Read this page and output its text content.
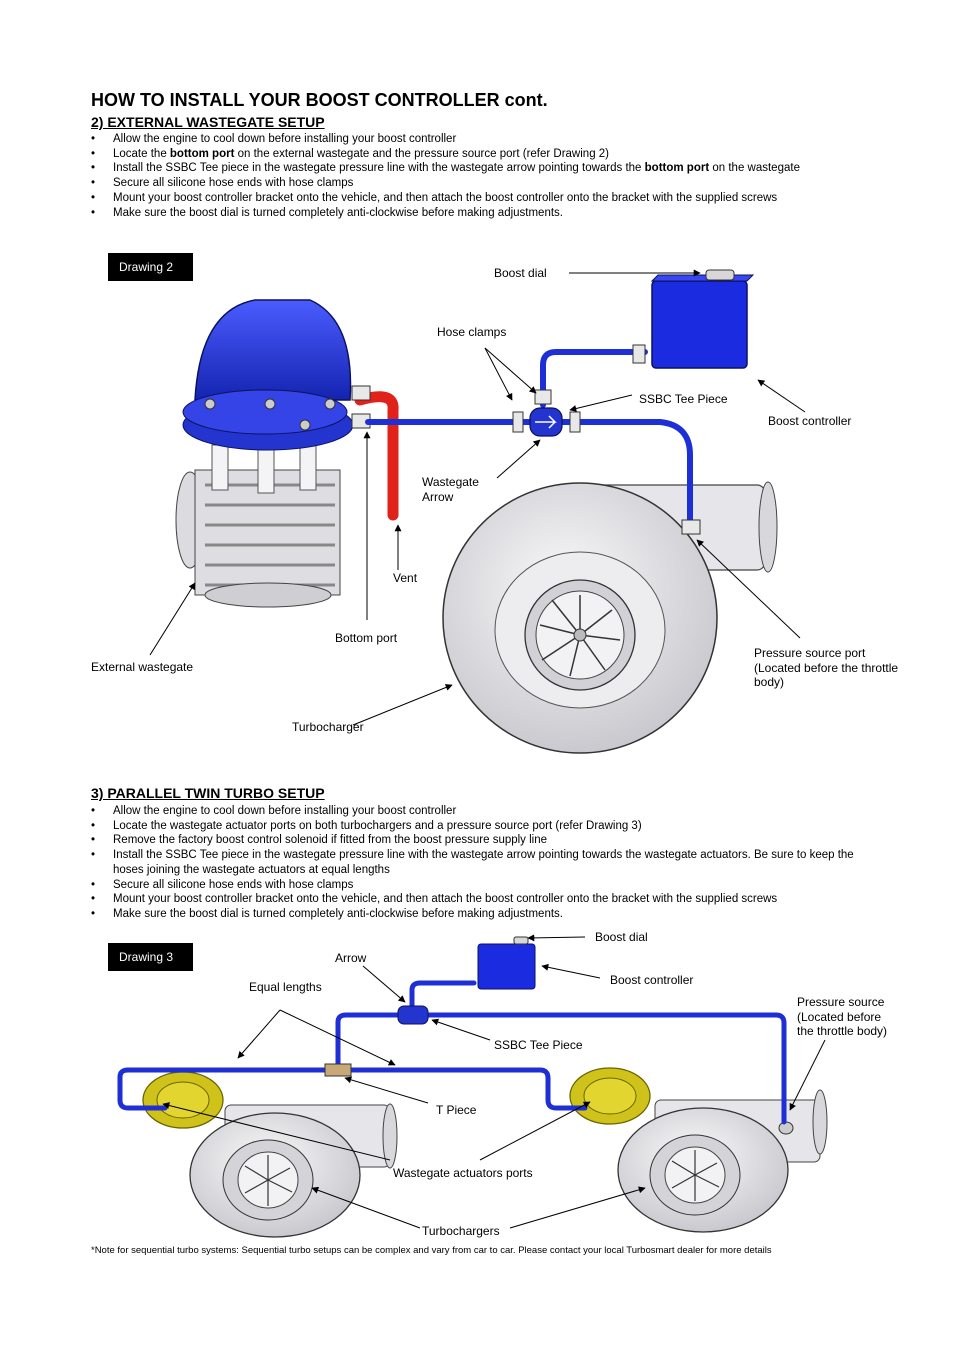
HOW TO INSTALL YOUR BOOST CONTROLLER cont.
2) EXTERNAL WASTEGATE SETUP
• Allow the engine to cool down before installing your boost controller
• Locate the bottom port on the external wastegate and the pressure source port (refer Drawing 2)
• Install the SSBC Tee piece in the wastegate pressure line with the wastegate arrow pointing towards the bottom port on the wastegate
• Secure all silicone hose ends with hose clamps
• Mount your boost controller bracket onto the vehicle, and then attach the boost controller onto the bracket with the supplied screws
• Make sure the boost dial is turned completely anti-clockwise before making adjustments.
Drawing 2	Boost dial
Hose clamps
SSBC Tee Piece
Boost controller
Wastegate
Arrow
Vent
Bottom port
External wastegate
Pressure source port
(Located before the throttle
body)
Turbocharger
3) PARALLEL TWIN TURBO SETUP
• Allow the engine to cool down before installing your boost controller
• Locate the wastegate actuator ports on both turbochargers and a pressure source port (refer Drawing 3)
• Remove the factory boost control solenoid if fitted from the boost pressure supply line
• Install the SSBC Tee piece in the wastegate pressure line with the wastegate arrow pointing towards the wastegate actuators. Be sure to keep the hoses joining the wastegate actuators at equal lengths
• Secure all silicone hose ends with hose clamps
• Mount your boost controller bracket onto the vehicle, and then attach the boost controller onto the bracket with the supplied screws
• Make sure the boost dial is turned completely anti-clockwise before making adjustments.
Drawing 3
Boost dial
Arrow
Boost controller
Equal lengths
Pressure source
(Located before
the throttle body)
SSBC Tee Piece
T Piece
Wastegate actuators ports
Turbochargers
*Note for sequential turbo systems: Sequential turbo setups can be complex and vary from car to car. Please contact your local Turbosmart dealer for more details
